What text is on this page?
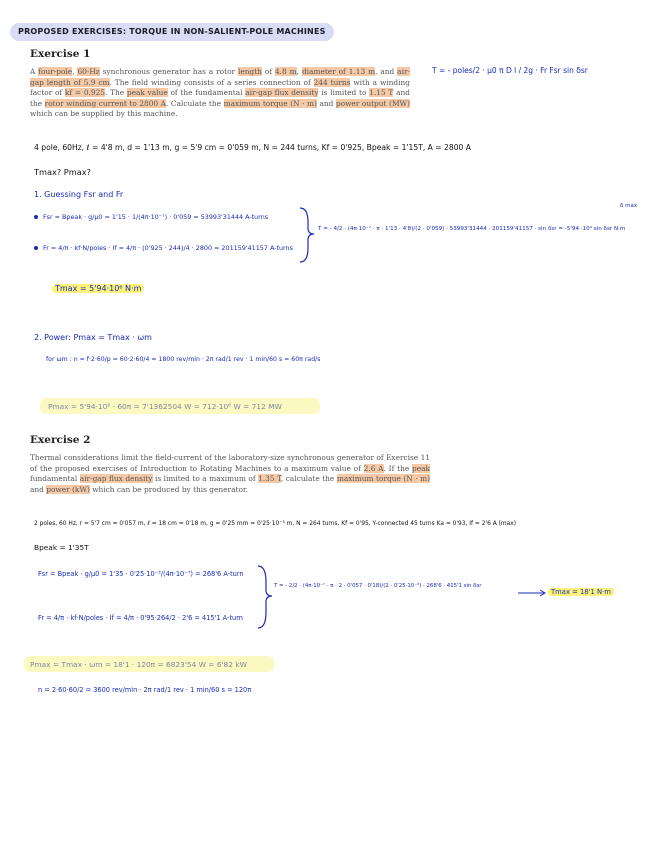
PROPOSED EXERCISES: TORQUE IN NON-SALIENT-POLE MACHINES
Exercise 1
A four-pole, 60-Hz synchronous generator has a rotor length of 4.8 m, diameter of 1.13 m, and air-gap length of 5.9 cm. The field winding consists of a series connection of 244 turns with a winding factor of kf = 0.925. The peak value of the fundamental air-gap flux density is limited to 1.15 T and the rotor winding current to 2800 A. Calculate the maximum torque (N · m) and power output (MW) which can be supplied by this machine.
T = - poles/2 · μ0 π D l / 2g · Fr Fsr sin δsr
4 pole, 60Hz, ℓ = 4'8 m, d = 1'13 m, g = 5'9 cm = 0'059 m, N = 244 turns, Kf = 0'925, Bpeak = 1'15T, A = 2800 A
Tmax? Pmax?
1. Guessing Fsr and Fr
Fsr = Bpeak · g/μ0 = 1'15 · 1/(4π·10⁻⁷) · 0'059 = 53993'31444 A-turns
Fr = 4/π · kf·N/poles · If = 4/π · (0'925 · 244)/4 · 2800 = 201159'41157 A-turns
T = - 4/2 · (4π·10⁻⁷ · π · 1'13 · 4'8)/(2 · 0'059) · 53993'31444 · 201159'41157 · sin δsr = -5'94 ·10⁶ sin δsr N·m
δ max
Tmax = 5'94·10⁶ N·m
2. Power: Pmax = Tmax · ωm
for ωm : n = f·2·60/p = 60·2·60/4 = 1800 rev/min · 2π rad/1 rev · 1 min/60 s = 60π rad/s
Pmax = 5'94·10⁶ · 60π = 7'1362504 W = 712·10⁶ W = 712 MW
Exercise 2
Thermal considerations limit the field-current of the laboratory-size synchronous generator of Exercise 11 of the proposed exercises of Introduction to Rotating Machines to a maximum value of 2.6 A. If the peak fundamental air-gap flux density is limited to a maximum of 1.35 T, calculate the maximum torque (N · m) and power (kW) which can be produced by this generator.
2 poles, 60 Hz, r = 5'7 cm = 0'057 m, ℓ = 18 cm = 0'18 m, g = 0'25 mm = 0'25·10⁻³ m, N = 264 turns, Kf = 0'95, Y-connected 45 turns Ka = 0'93, If = 2'6 A (max)
Bpeak = 1'35T
Fsr = Bpeak · g/μ0 = 1'35 · 0'25·10⁻³/(4π·10⁻⁷) = 268'6 A-turn
Fr = 4/π · kf·N/poles · If = 4/π · 0'95·264/2 · 2'6 = 415'1 A-turn
T = - 2/2 · (4π·10⁻⁷ · π · 2 · 0'057 · 0'18)/(2 · 0'25·10⁻³) · 268'6 · 415'1 sin δsr
Tmax = 18'1 N·m
Pmax = Tmax · ωm = 18'1 · 120π = 6823'54 W = 6'82 kW
n = 2·60·60/2 = 3600 rev/min · 2π rad/1 rev · 1 min/60 s = 120π
